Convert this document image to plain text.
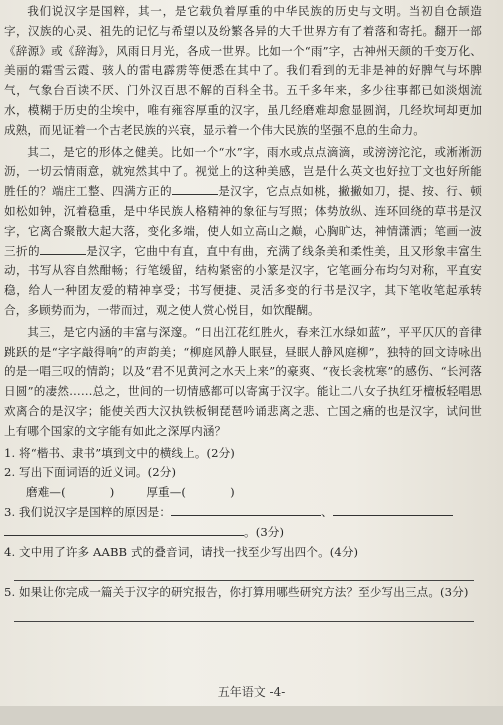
我们说汉字是国粹，其一，是它载负着厚重的中华民族的历史与文明。当初自仓颉造字，汉族的心灵、祖先的记忆与希望以及纷繁各异的大千世界方有了着落和寄托。翻开一部《辞源》或《辞海》，风雨日月光，各成一世界。比如一个“雨”字，古神州天颜的千变万化、美丽的霜雪云霞、骇人的雷电霹雳等便悉在其中了。我们看到的无非是神的好脾气与坏脾气，气象台百读不厌、门外汉百思不解的百科全书。五千多年来，多少往事都已如淡烟流水，模糊于历史的尘埃中，唯有雍容厚重的汉字，虽几经磨难却愈显圆润，几经坎坷却更加成熟，而见证着一个古老民族的兴衰，显示着一个伟大民族的坚强不息的生命力。

其二，是它的形体之健美。比如一个“水”字，雨水或点点滴滴，或滂滂沱沱，或淅淅沥沥，一切云情雨意，就宛然其中了。视觉上的这种美感，岂是什么英文也好拉丁文也好所能胜任的？端庄工整、四满方正的	是汉字，它点点如桃，撇撇如刀，提、按、行、顿如松如钟，沉着稳重，是中华民族人格精神的象征与写照；体势放纵、连环回绕的草书是汉字，它离合聚散大起大落，变化多端，使人如立高山之巅，心胸旷达，神情潇洒；笔画一波三折的	是汉字，它曲中有直，直中有曲，充满了线条美和柔性美，且又形象丰富生动，书写从容自然酣畅；行笔缓留，结构紧密的小篆是汉字，它笔画分布均匀对称，平直安稳，给人一种团友爱的精神享受；书写便捷、灵活多变的行书是汉字，其下笔收笔起承转合，多顾势而为，一带而过，观之使人赏心悦目，如饮醍醐。

其三，是它内涵的丰富与深邃。“日出江花红胜火，春来江水绿如蓝”，平平仄仄的音律跳跃的是“字字敲得响”的声韵美；“柳庭风静人眠昼，昼眠人静风庭柳”，独特的回文诗咏出的是一唱三叹的情韵；以及“君不见黄河之水天上来”的豪爽、“夜长衾枕寒”的感伤、“长河落日圆”的凄然……总之，世间的一切情感都可以寄寓于汉字。能让二八女子执红牙檀板轻唱思欢离合的是汉字；能使关西大汉执铁板铜琵琶吟诵悲离之悲、亡国之痛的也是汉字，试问世上有哪个国家的文字能有如此之深厚内涵？

1. 将“楷书、隶书”填到文中的横线上。(2分)

2. 写出下面词语的近义词。(2分)

磨难—(	)	厚重—(	)

3. 我们说汉字是国粹的原因是：	、

。(3分)

4. 文中用了许多 AABB 式的叠音词，请找一找至少写出四个。(4分)

5. 如果让你完成一篇关于汉字的研究报告，你打算用哪些研究方法？至少写出三点。(3分)

五年语文 -4-
